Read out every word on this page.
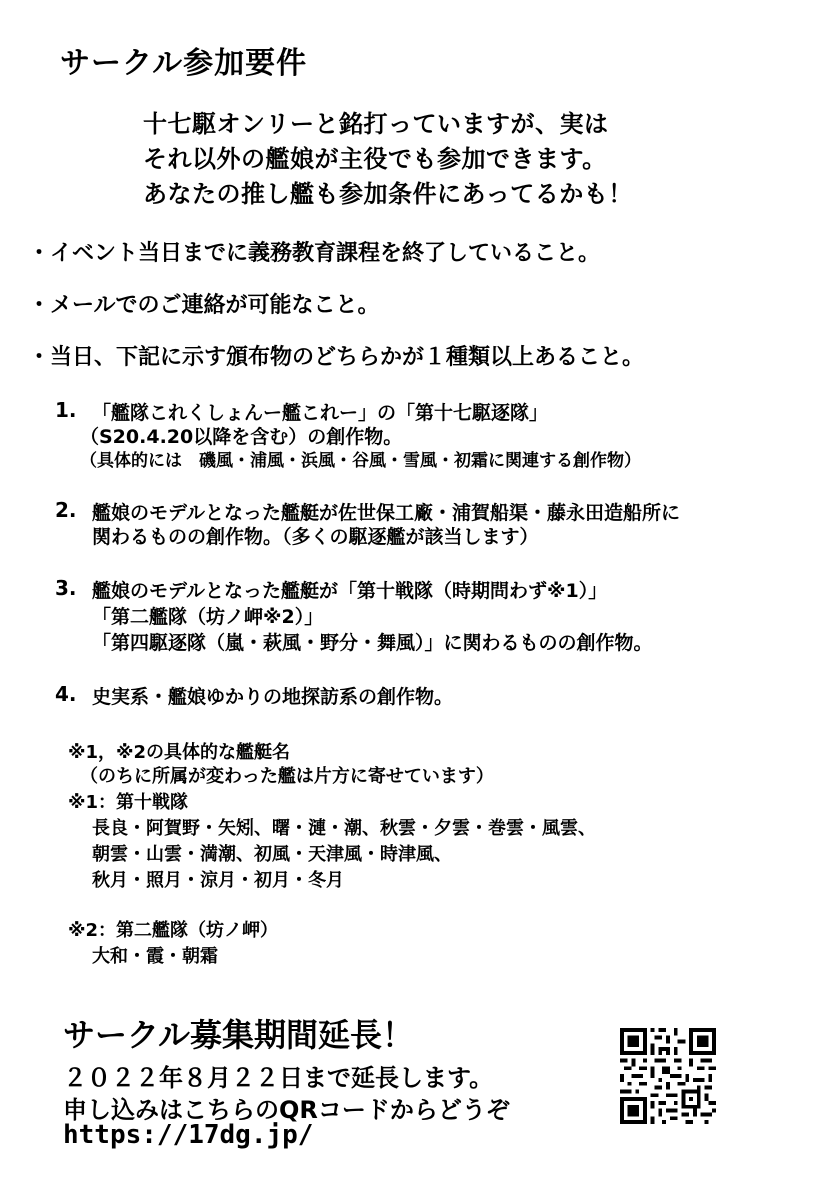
サークル参加要件
十七駆オンリーと銘打っていますが、実は
それ以外の艦娘が主役でも参加できます。
あなたの推し艦も参加条件にあってるかも！
・イベント当日までに義務教育課程を終了していること。
・メールでのご連絡が可能なこと。
・当日、下記に示す頒布物のどちらかが１種類以上あること。
1. 「艦隊これくしょんー艦これー」の「第十七駆逐隊」
（S20.4.20以降を含む）の創作物。
（具体的には　磯風・浦風・浜風・谷風・雪風・初霜に関連する創作物）
2. 艦娘のモデルとなった艦艇が佐世保工廠・浦賀船渠・藤永田造船所に
関わるものの創作物。（多くの駆逐艦が該当します）
3. 艦娘のモデルとなった艦艇が「第十戦隊（時期問わず※1）」
「第二艦隊（坊ノ岬※2）」
「第四駆逐隊（嵐・萩風・野分・舞風）」に関わるものの創作物。
4. 史実系・艦娘ゆかりの地探訪系の創作物。
※1，※2の具体的な艦艇名
（のちに所属が変わった艦は片方に寄せています）
※1：第十戦隊
長良・阿賀野・矢矧、曙・漣・潮、秋雲・夕雲・巻雲・風雲、
朝雲・山雲・満潮、初風・天津風・時津風、
秋月・照月・涼月・初月・冬月
※2：第二艦隊（坊ノ岬）
大和・霞・朝霜
サークル募集期間延長！
２０２２年８月２２日まで延長します。
申し込みはこちらのQRコードからどうぞ
https://17dg.jp/
